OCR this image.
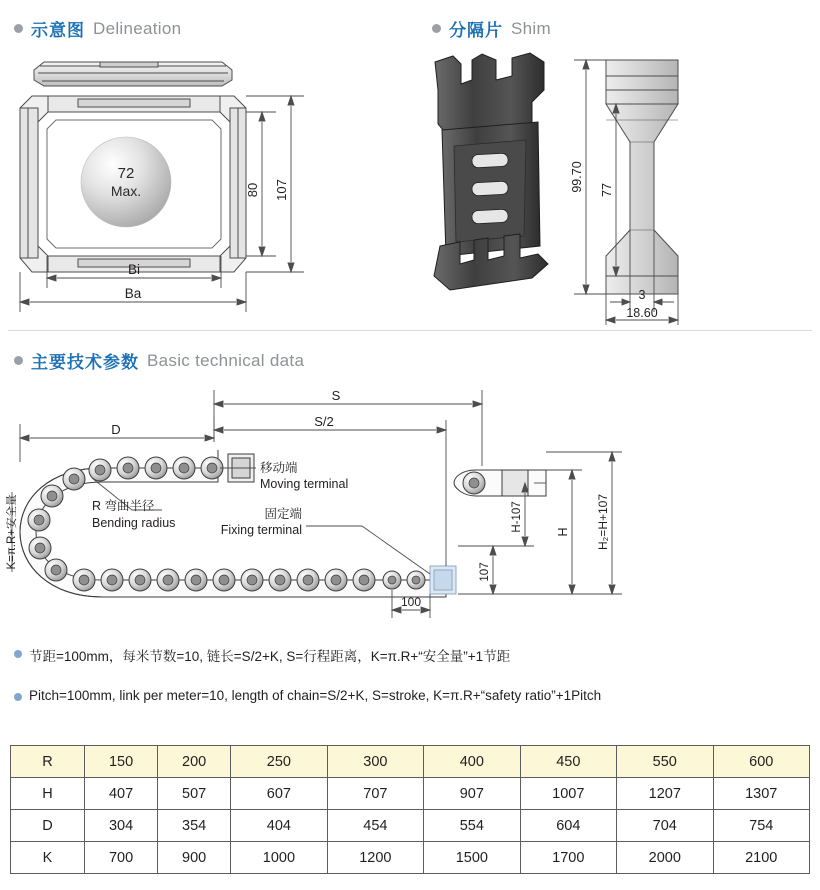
示意图 Delineation	分隔片 Shim
主要技术参数 Basic technical data
72
Max.	80 107
Bi
Ba
99.70 77
3
18.60
S
S/2
D
100
107
H-107	H H₂=H+107
K=π.R+安全量
移动端
Moving terminal
R 弯曲半径
Bending radius
固定端
Fixing terminal
节距=100mm，每米节数=10, 链长=S/2+K, S=行程距离，K=π.R+“安全量”+1节距
Pitch=100mm, link per meter=10, length of chain=S/2+K, S=stroke, K=π.R+“safety ratio”+1Pitch
R	150	200	250	300	400	450	550	600
H	407	507	607	707	907	1007	1207	1307
D	304	354	404	454	554	604	704	754
K	700	900	1000	1200	1500	1700	2000	2100
